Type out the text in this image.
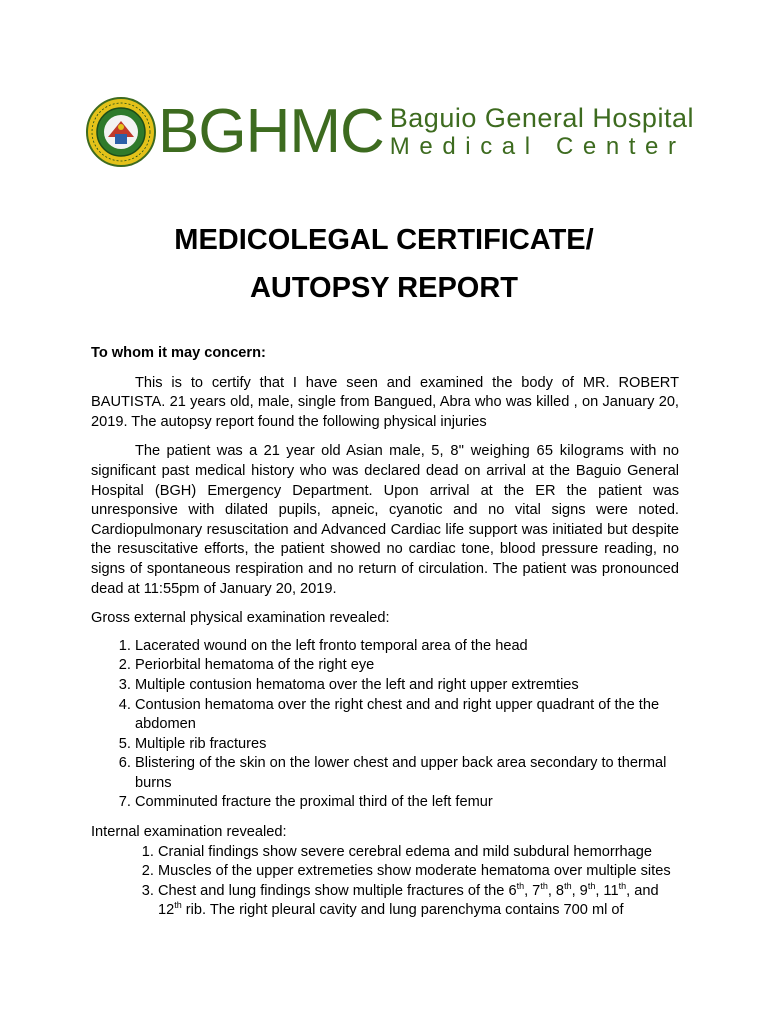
BGHMC Baguio General Hospital
Medical Center
MEDICOLEGAL CERTIFICATE/
AUTOPSY REPORT
To whom it may concern:

This is to certify that I have seen and examined the body of MR. ROBERT BAUTISTA. 21 years old, male, single from Bangued, Abra who was killed , on January 20, 2019. The autopsy report found the following physical injuries

The patient was a 21 year old Asian male, 5, 8" weighing 65 kilograms with no significant past medical history who was declared dead on arrival at the Baguio General Hospital (BGH) Emergency Department. Upon arrival at the ER the patient was unresponsive with dilated pupils, apneic, cyanotic and no vital signs were noted. Cardiopulmonary resuscitation and Advanced Cardiac life support was initiated but despite the resuscitative efforts, the patient showed no cardiac tone, blood pressure reading, no signs of spontaneous respiration and no return of circulation. The patient was pronounced dead at 11:55pm of January 20, 2019.

Gross external physical examination revealed:
1. Lacerated wound on the left fronto temporal area of the head
2. Periorbital hematoma of the right eye
3. Multiple contusion hematoma over the left and right upper extremties
4. Contusion hematoma over the right chest and and right upper quadrant of the the abdomen
5. Multiple rib fractures
6. Blistering of the skin on the lower chest and upper back area secondary to thermal burns
7. Comminuted fracture the proximal third of the left femur
Internal examination revealed:
1. Cranial findings show severe cerebral edema and mild subdural hemorrhage
2. Muscles of the upper extremeties show moderate hematoma over multiple sites
3. Chest and lung findings show multiple fractures of the 6th, 7th, 8th, 9th, 11th, and 12th rib. The right pleural cavity and lung parenchyma contains 700 ml of
